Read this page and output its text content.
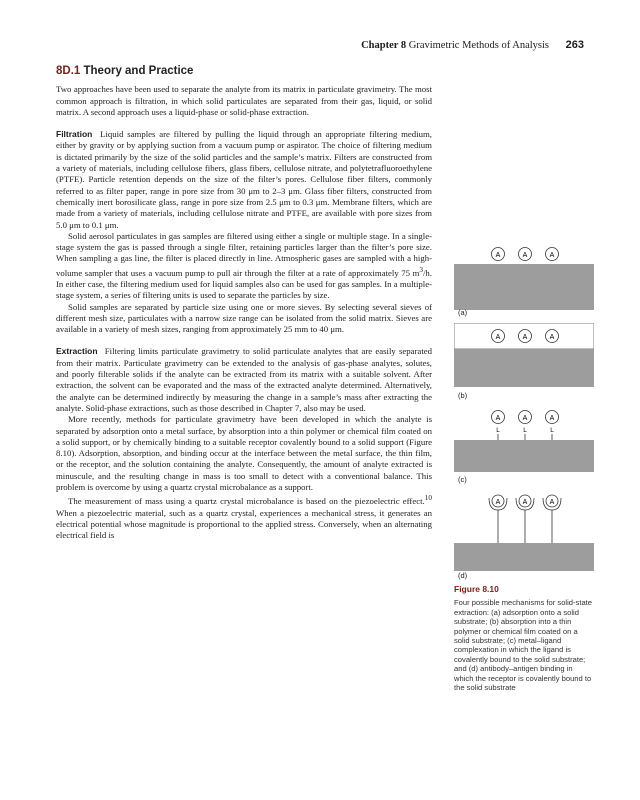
Chapter 8 Gravimetric Methods of Analysis 263
8D.1 Theory and Practice

Two approaches have been used to separate the analyte from its matrix in particulate gravimetry. The most common approach is filtration, in which solid particulates are separated from their gas, liquid, or solid matrix. A second approach uses a liquid-phase or solid-phase extraction.

Filtration Liquid samples are filtered by pulling the liquid through an appropriate filtering medium, either by gravity or by applying suction from a vacuum pump or aspirator. The choice of filtering medium is dictated primarily by the size of the solid particles and the sample’s matrix. Filters are constructed from a variety of materials, including cellulose fibers, glass fibers, cellulose nitrate, and polytetrafluoroethylene (PTFE). Particle retention depends on the size of the filter’s pores. Cellulose fiber filters, commonly referred to as filter paper, range in pore size from 30 μm to 2–3 μm. Glass fiber filters, constructed from chemically inert borosilicate glass, range in pore size from 2.5 μm to 0.3 μm. Membrane filters, which are made from a variety of materials, including cellulose nitrate and PTFE, are available with pore sizes from 5.0 μm to 0.1 μm.

Solid aerosol particulates in gas samples are filtered using either a single or multiple stage. In a single-stage system the gas is passed through a single filter, retaining particles larger than the filter’s pore size. When sampling a gas line, the filter is placed directly in line. Atmospheric gases are sampled with a high-volume sampler that uses a vacuum pump to pull air through the filter at a rate of approximately 75 $m^3/h$. In either case, the filtering medium used for liquid samples also can be used for gas samples. In a multiple-stage system, a series of filtering units is used to separate the particles by size.

Solid samples are separated by particle size using one or more sieves. By selecting several sieves of different mesh size, particulates with a narrow size range can be isolated from the solid matrix. Sieves are available in a variety of mesh sizes, ranging from approximately 25 mm to 40 μm.

Extraction Filtering limits particulate gravimetry to solid particulate analytes that are easily separated from their matrix. Particulate gravimetry can be extended to the analysis of gas-phase analytes, solutes, and poorly filterable solids if the analyte can be extracted from its matrix with a suitable solvent. After extraction, the solvent can be evaporated and the mass of the extracted analyte determined. Alternatively, the analyte can be determined indirectly by measuring the change in a sample’s mass after extracting the analyte. Solid-phase extractions, such as those described in Chapter 7, also may be used.

More recently, methods for particulate gravimetry have been developed in which the analyte is separated by adsorption onto a metal surface, by absorption into a thin polymer or chemical film coated on a solid support, or by chemically binding to a suitable receptor covalently bound to a solid support (Figure 8.10). Adsorption, absorption, and binding occur at the interface between the metal surface, the thin film, or the receptor, and the solution containing the analyte. Consequently, the amount of analyte extracted is minuscule, and the resulting change in mass is too small to detect with a conventional balance. This problem is overcome by using a quartz crystal microbalance as a support.

The measurement of mass using a quartz crystal microbalance is based on the piezoelectric effect.$^{10}$ When a piezoelectric material, such as a quartz crystal, experiences a mechanical stress, it generates an electrical potential whose magnitude is proportional to the applied stress. Conversely, when an alternating electrical field is

A	A	A
(a)
A	A	A
(b)
A	A	A
L	L	L
(c)
A	A	A
(d)
Figure 8.10
Four possible mechanisms for solid-state extraction: (a) adsorption onto a solid substrate; (b) absorption into a thin polymer or chemical film coated on a solid substrate; (c) metal–ligand complexation in which the ligand is covalently bound to the solid substrate; and (d) antibody–antigen binding in which the receptor is covalently bound to the solid substrate
